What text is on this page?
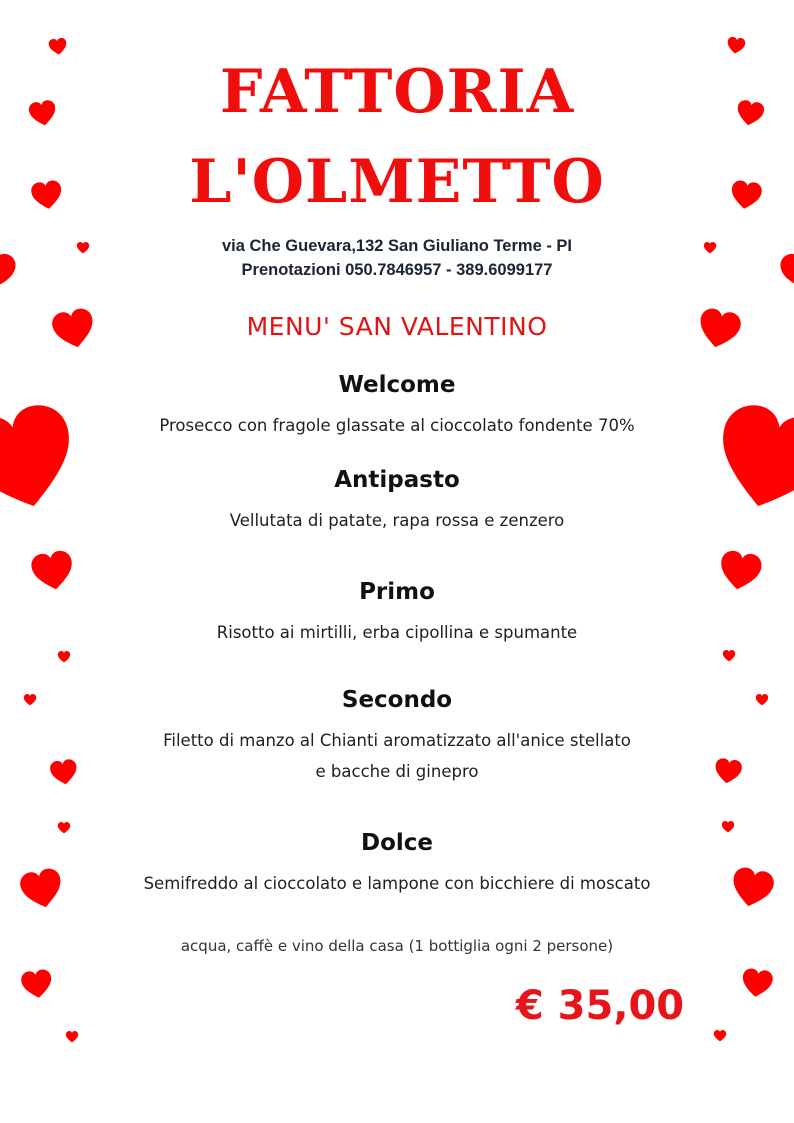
FATTORIA
L'OLMETTO
via Che Guevara,132 San Giuliano Terme - PI
Prenotazioni 050.7846957 - 389.6099177
MENU' SAN VALENTINO
Welcome
Prosecco con fragole glassate al cioccolato fondente 70%
Antipasto
Vellutata di patate, rapa rossa e zenzero
Primo
Risotto ai mirtilli, erba cipollina e spumante
Secondo
Filetto di manzo al Chianti aromatizzato all'anice stellato
e bacche di ginepro
Dolce
Semifreddo al cioccolato e lampone con bicchiere di moscato
acqua, caffè e vino della casa (1 bottiglia ogni 2 persone)
€ 35,00
